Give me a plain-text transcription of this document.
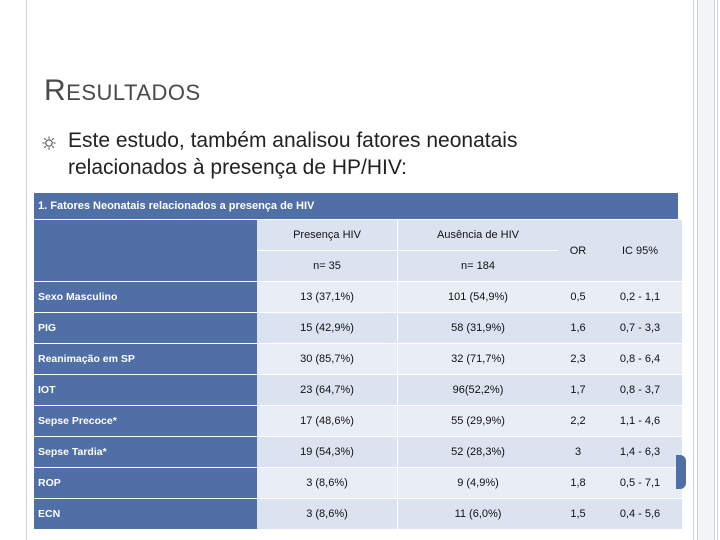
RESULTADOS
Este estudo, também analisou fatores neonatais relacionados à presença de HP/HIV:
1. Fatores Neonatais relacionados a presença de HIV
	Presença HIV		Ausência de HIV	OR	IC 95%
	n= 35		n= 184		
Sexo Masculino	13 (37,1%)		101 (54,9%)	0,5	0,2 - 1,1
PIG	15 (42,9%)		58 (31,9%)	1,6	0,7 - 3,3
Reanimação em SP	30 (85,7%)		32 (71,7%)	2,3	0,8 - 6,4
IOT	23 (64,7%)		96(52,2%)	1,7	0,8 - 3,7
Sepse Precoce*	17 (48,6%)		55 (29,9%)	2,2	1,1 - 4,6
Sepse Tardia*	19 (54,3%)		52 (28,3%)	3	1,4 - 6,3
ROP	3 (8,6%)		9 (4,9%)	1,8	0,5 - 7,1
ECN	3 (8,6%)		11 (6,0%)	1,5	0,4 - 5,6
